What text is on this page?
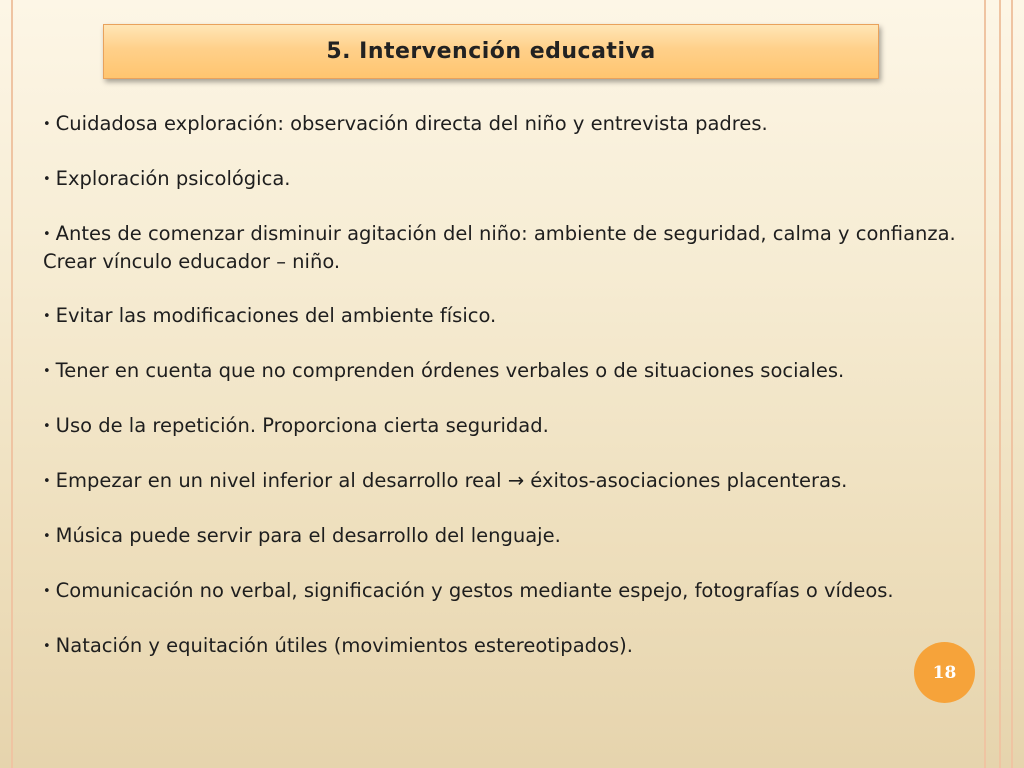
5. Intervención educativa
• Cuidadosa exploración: observación directa del niño y entrevista padres.
• Exploración psicológica.
• Antes de comenzar disminuir agitación del niño: ambiente de seguridad, calma y confianza. Crear vínculo educador – niño.
• Evitar las modificaciones del ambiente físico.
• Tener en cuenta que no comprenden órdenes verbales o de situaciones sociales.
• Uso de la repetición. Proporciona cierta seguridad.
• Empezar en un nivel inferior al desarrollo real → éxitos-asociaciones placenteras.
• Música puede servir para el desarrollo del lenguaje.
• Comunicación no verbal, significación y gestos mediante espejo, fotografías o vídeos.
• Natación y equitación útiles (movimientos estereotipados).
18
